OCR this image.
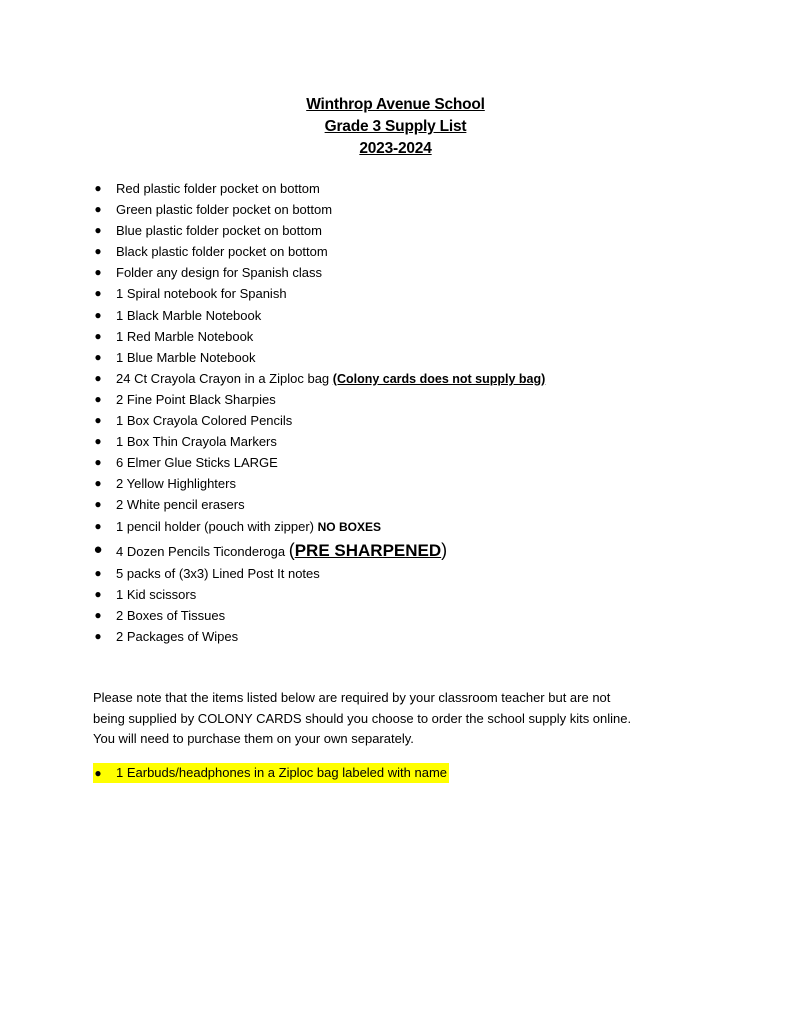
Winthrop Avenue School
Grade 3 Supply List
2023-2024
● Red plastic folder pocket on bottom
● Green plastic folder pocket on bottom
● Blue plastic folder pocket on bottom
● Black plastic folder pocket on bottom
● Folder any design for Spanish class
● 1 Spiral notebook for Spanish
● 1 Black Marble Notebook
● 1 Red Marble Notebook
● 1 Blue Marble Notebook
● 24 Ct Crayola Crayon in a Ziploc bag (Colony cards does not supply bag)
● 2 Fine Point Black Sharpies
● 1 Box Crayola Colored Pencils
● 1 Box Thin Crayola Markers
● 6 Elmer Glue Sticks LARGE
● 2 Yellow Highlighters
● 2 White pencil erasers
● 1 pencil holder (pouch with zipper) NO BOXES
● 4 Dozen Pencils Ticonderoga (PRE SHARPENED)
● 5 packs of (3x3) Lined Post It notes
● 1 Kid scissors
● 2 Boxes of Tissues
● 2 Packages of Wipes
Please note that the items listed below are required by your classroom teacher but are not
being supplied by COLONY CARDS should you choose to order the school supply kits online.
You will need to purchase them on your own separately.
● 1 Earbuds/headphones in a Ziploc bag labeled with name
